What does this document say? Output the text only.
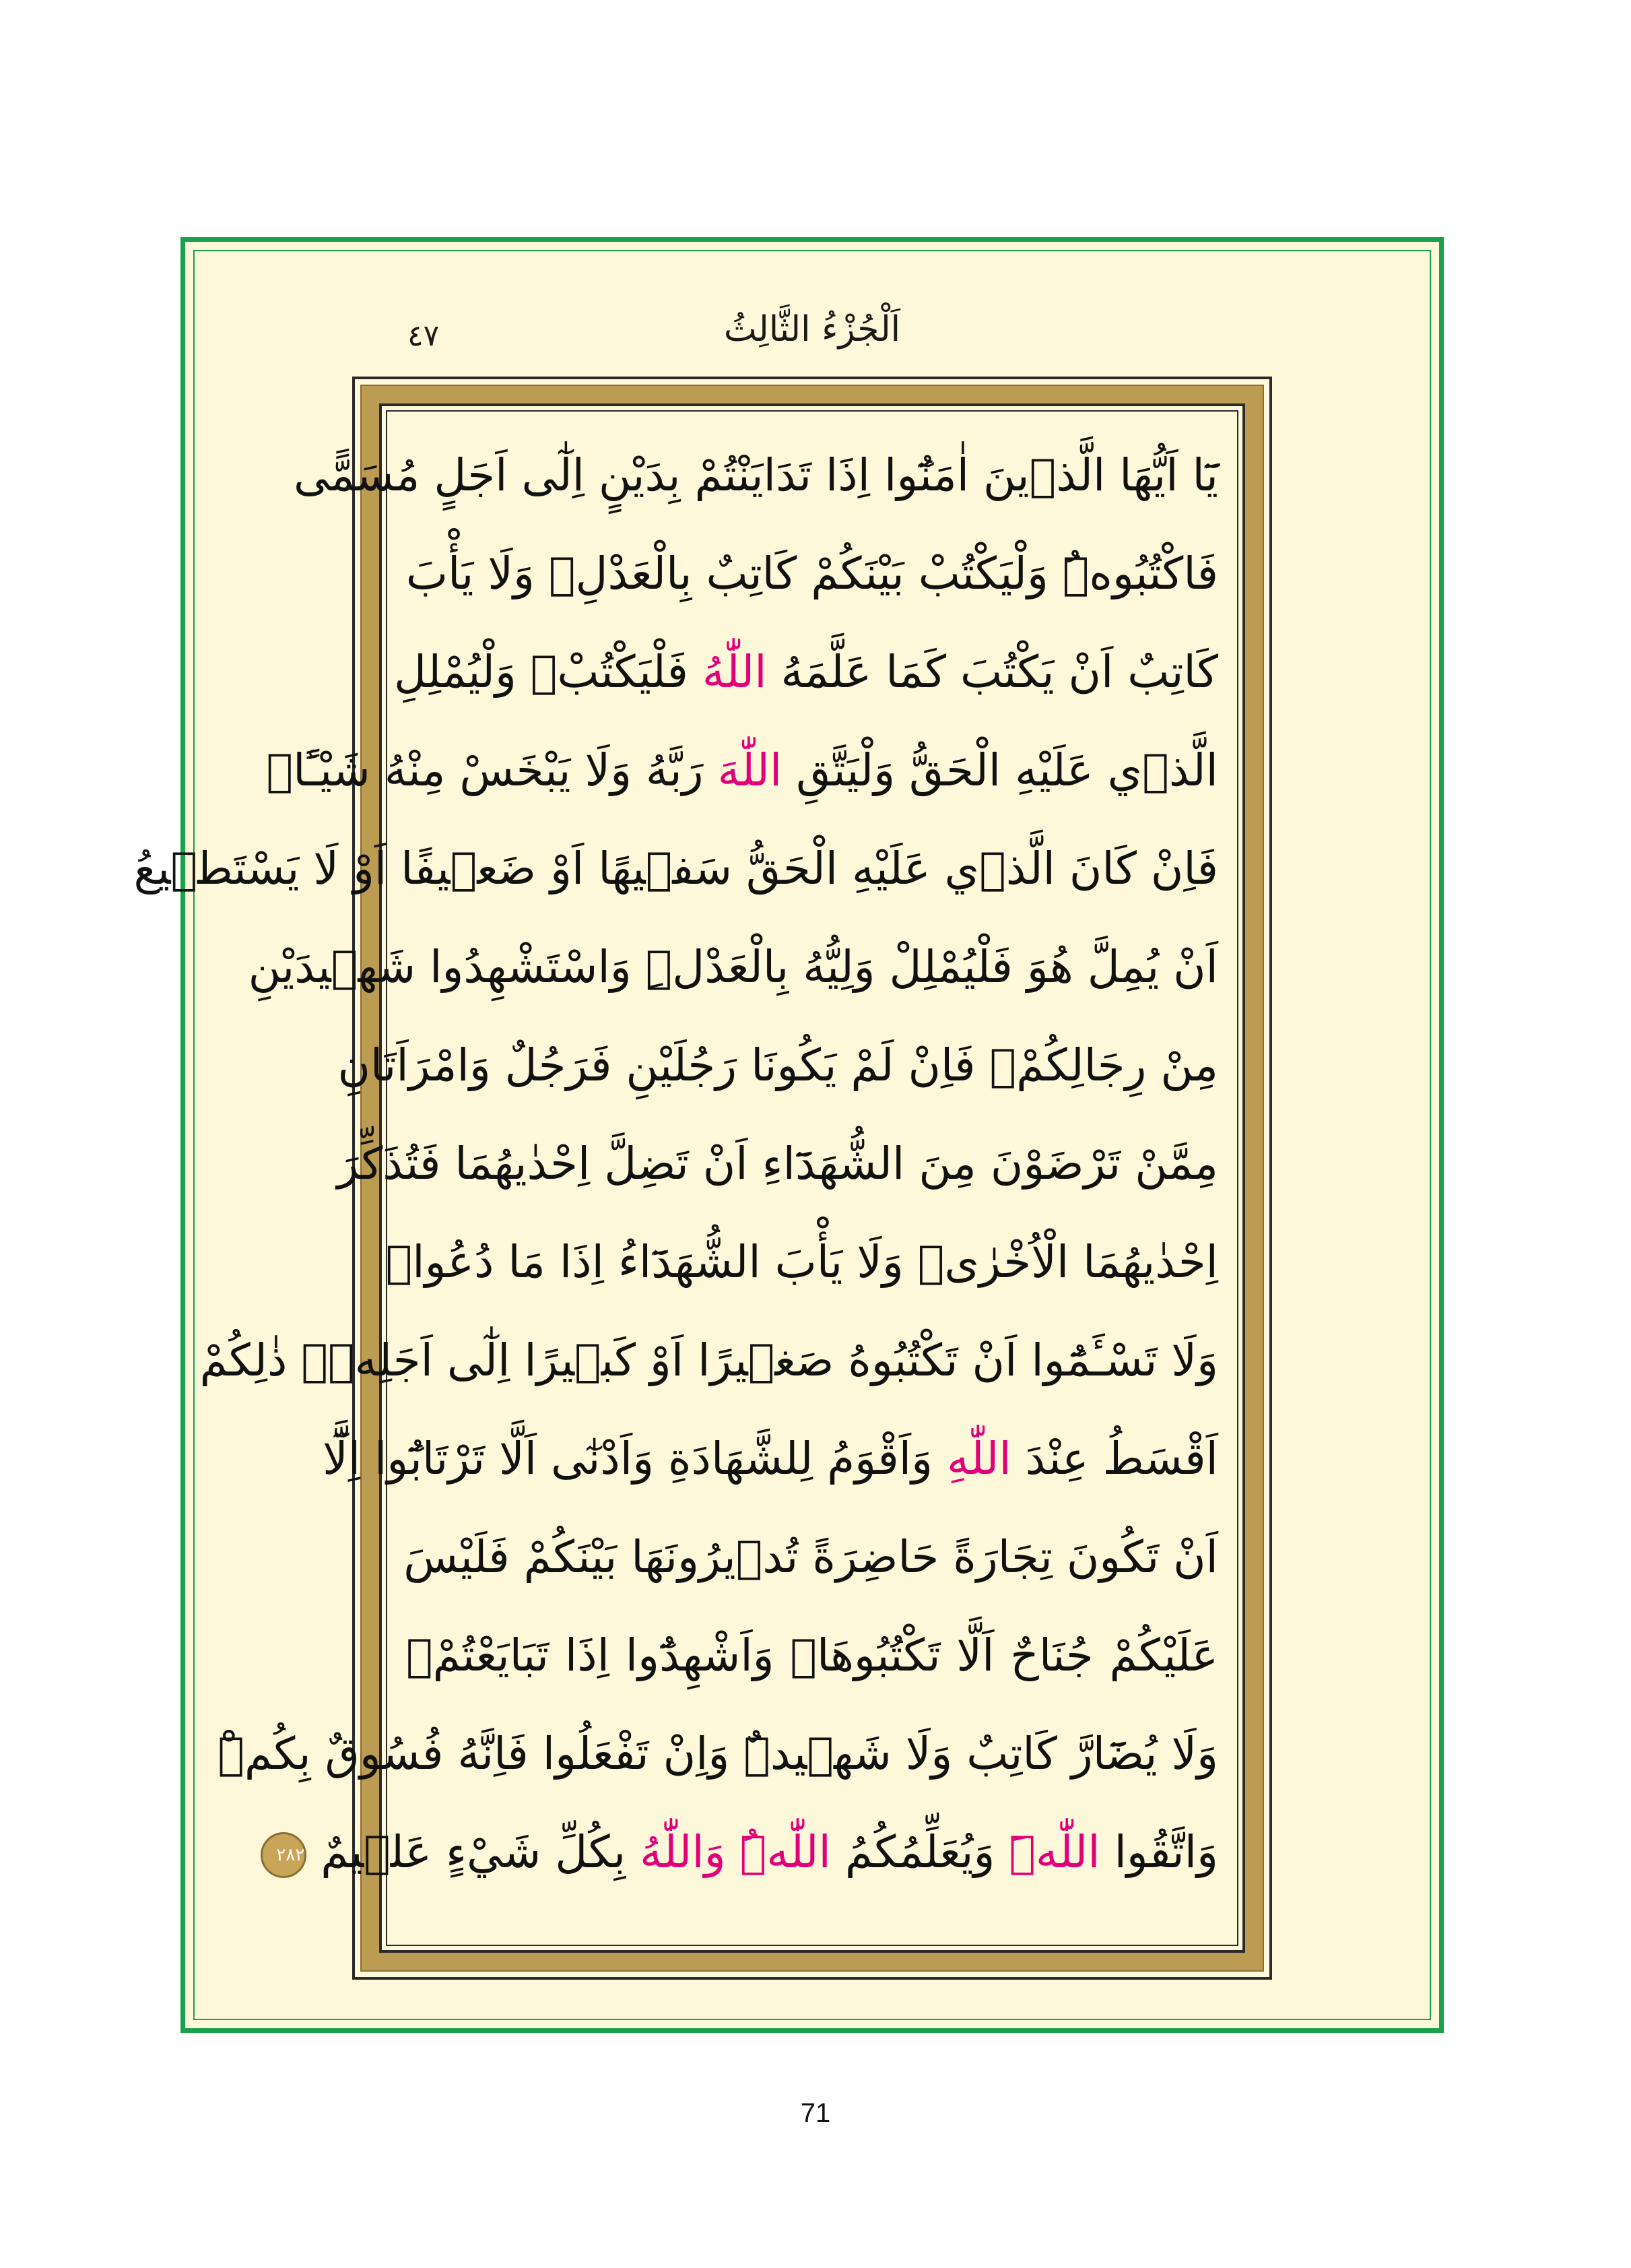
اَلْجُزْءُ الثَّالِثُ
٤٧
يَٓا اَيُّهَا الَّذ۪ينَ اٰمَنُٓوا اِذَا تَدَايَنْتُمْ بِدَيْنٍ اِلٰٓى اَجَلٍ مُسَمًّى
فَاكْتُبُوهُۜ وَلْيَكْتُبْ بَيْنَكُمْ كَاتِبٌ بِالْعَدْلِۖ وَلَا يَأْبَ
كَاتِبٌ اَنْ يَكْتُبَ كَمَا عَلَّمَهُ اللّٰهُ فَلْيَكْتُبْۚ وَلْيُمْلِلِ
الَّذ۪ي عَلَيْهِ الْحَقُّ وَلْيَتَّقِ اللّٰهَ رَبَّهُ وَلَا يَبْخَسْ مِنْهُ شَيْـًٔاۜ
فَاِنْ كَانَ الَّذ۪ي عَلَيْهِ الْحَقُّ سَف۪يهًا اَوْ ضَع۪يفًا اَوْ لَا يَسْتَط۪يعُ
اَنْ يُمِلَّ هُوَ فَلْيُمْلِلْ وَلِيُّهُ بِالْعَدْلِۜ وَاسْتَشْهِدُوا شَه۪يدَيْنِ
مِنْ رِجَالِكُمْۚ فَاِنْ لَمْ يَكُونَا رَجُلَيْنِ فَرَجُلٌ وَامْرَاَتَانِ
مِمَّنْ تَرْضَوْنَ مِنَ الشُّهَدَٓاءِ اَنْ تَضِلَّ اِحْدٰيهُمَا فَتُذَكِّرَ
اِحْدٰيهُمَا الْاُخْرٰىۜ وَلَا يَأْبَ الشُّهَدَٓاءُ اِذَا مَا دُعُواۜ
وَلَا تَسْـَٔمُٓوا اَنْ تَكْتُبُوهُ صَغ۪يرًا اَوْ كَب۪يرًا اِلٰٓى اَجَلِه۪ۜ ذٰلِكُمْ
اَقْسَطُ عِنْدَ اللّٰهِ وَاَقْوَمُ لِلشَّهَادَةِ وَاَدْنٰٓى اَلَّا تَرْتَابُٓوا اِلَّٓا
اَنْ تَكُونَ تِجَارَةً حَاضِرَةً تُد۪يرُونَهَا بَيْنَكُمْ فَلَيْسَ
عَلَيْكُمْ جُنَاحٌ اَلَّا تَكْتُبُوهَاۜ وَاَشْهِدُٓوا اِذَا تَبَايَعْتُمْۖ
وَلَا يُضَٓارَّ كَاتِبٌ وَلَا شَه۪يدٌۜ وَاِنْ تَفْعَلُوا فَاِنَّهُ فُسُوقٌ بِكُمْۜ
وَاتَّقُوا اللّٰهَۜ وَيُعَلِّمُكُمُ اللّٰهُۜ وَاللّٰهُ بِكُلِّ شَيْءٍ عَل۪يمٌ ٢٨٢
71
